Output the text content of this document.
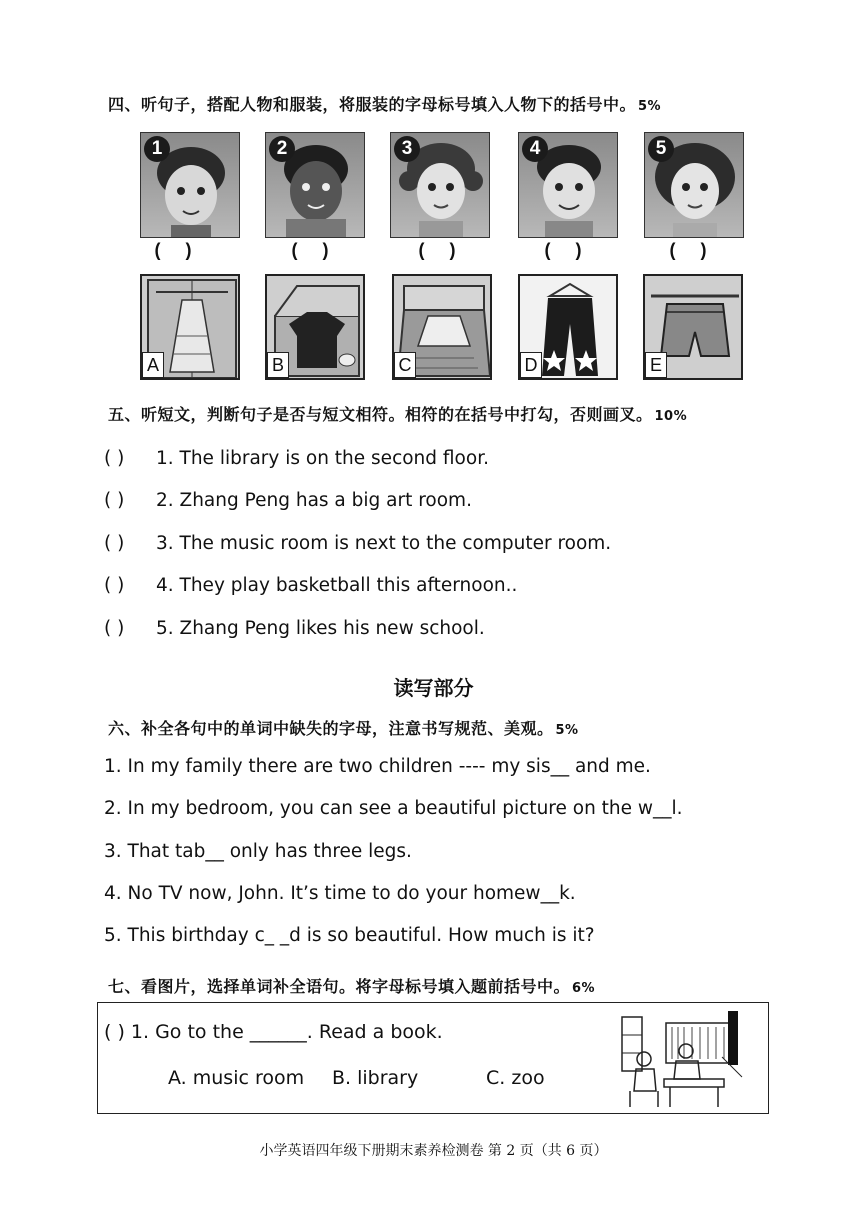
四、听句子，搭配人物和服装，将服装的字母标号填入人物下的括号中。 5%
1	2	3	4	5
( )	( )	( )	( )	( )
A	B	C	D	E
五、听短文，判断句子是否与短文相符。相符的在括号中打勾，否则画叉。 10%
( ) 1. The library is on the second floor.
( ) 2. Zhang Peng has a big art room.
( ) 3. The music room is next to the computer room.
( ) 4. They play basketball this afternoon..
( ) 5. Zhang Peng likes his new school.
读写部分
六、补全各句中的单词中缺失的字母，注意书写规范、美观。 5%
1. In my family there are two children ---- my sis__ and me.
2. In my bedroom, you can see a beautiful picture on the w__l.
3. That tab__ only has three legs.
4. No TV now, John. It’s time to do your homew__k.
5. This birthday c_ _d is so beautiful. How much is it?
七、看图片，选择单词补全语句。将字母标号填入题前括号中。 6%
( ) 1. Go to the ______. Read a book.
A. music room B. library	C. zoo
小学英语四年级下册期末素养检测卷 第 2 页（共 6 页）
